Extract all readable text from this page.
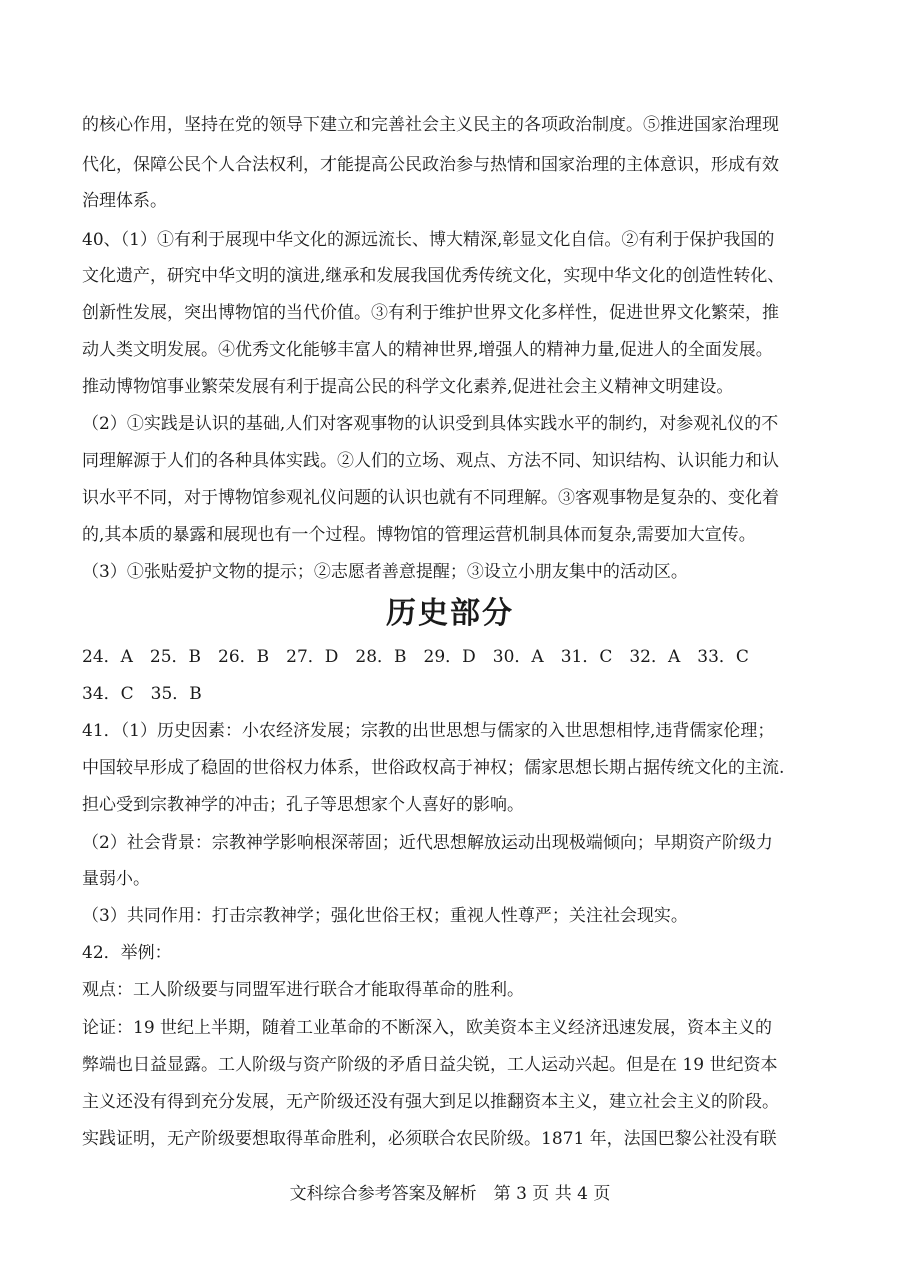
的核心作用，坚持在党的领导下建立和完善社会主义民主的各项政治制度。⑤推进国家治理现
代化，保障公民个人合法权利，才能提高公民政治参与热情和国家治理的主体意识，形成有效
治理体系。
40、（1）①有利于展现中华文化的源远流长、博大精深,彰显文化自信。②有利于保护我国的
文化遗产，研究中华文明的演进,继承和发展我国优秀传统文化，实现中华文化的创造性转化、
创新性发展，突出博物馆的当代价值。③有利于维护世界文化多样性，促进世界文化繁荣，推
动人类文明发展。④优秀文化能够丰富人的精神世界,增强人的精神力量,促进人的全面发展。
推动博物馆事业繁荣发展有利于提高公民的科学文化素养,促进社会主义精神文明建设。
（2）①实践是认识的基础,人们对客观事物的认识受到具体实践水平的制约，对参观礼仪的不
同理解源于人们的各种具体实践。②人们的立场、观点、方法不同、知识结构、认识能力和认
识水平不同，对于博物馆参观礼仪问题的认识也就有不同理解。③客观事物是复杂的、变化着
的,其本质的暴露和展现也有一个过程。博物馆的管理运营机制具体而复杂,需要加大宣传。
（3）①张贴爱护文物的提示；②志愿者善意提醒；③设立小朋友集中的活动区。
历史部分
24．A　25．B　26．B　27．D　28．B　29．D　30．A　31．C　32．A　33．C
34．C　35．B
41．（1）历史因素：小农经济发展；宗教的出世思想与儒家的入世思想相悖,违背儒家伦理；
中国较早形成了稳固的世俗权力体系，世俗政权高于神权；儒家思想长期占据传统文化的主流.
担心受到宗教神学的冲击；孔子等思想家个人喜好的影响。
（2）社会背景：宗教神学影响根深蒂固；近代思想解放运动出现极端倾向；早期资产阶级力
量弱小。
（3）共同作用：打击宗教神学；强化世俗王权；重视人性尊严；关注社会现实。
42．举例：
观点：工人阶级要与同盟军进行联合才能取得革命的胜利。
论证：19 世纪上半期，随着工业革命的不断深入，欧美资本主义经济迅速发展，资本主义的
弊端也日益显露。工人阶级与资产阶级的矛盾日益尖锐，工人运动兴起。但是在 19 世纪资本
主义还没有得到充分发展，无产阶级还没有强大到足以推翻资本主义，建立社会主义的阶段。
实践证明，无产阶级要想取得革命胜利，必须联合农民阶级。1871 年，法国巴黎公社没有联
文科综合参考答案及解析　第 3 页 共 4 页
